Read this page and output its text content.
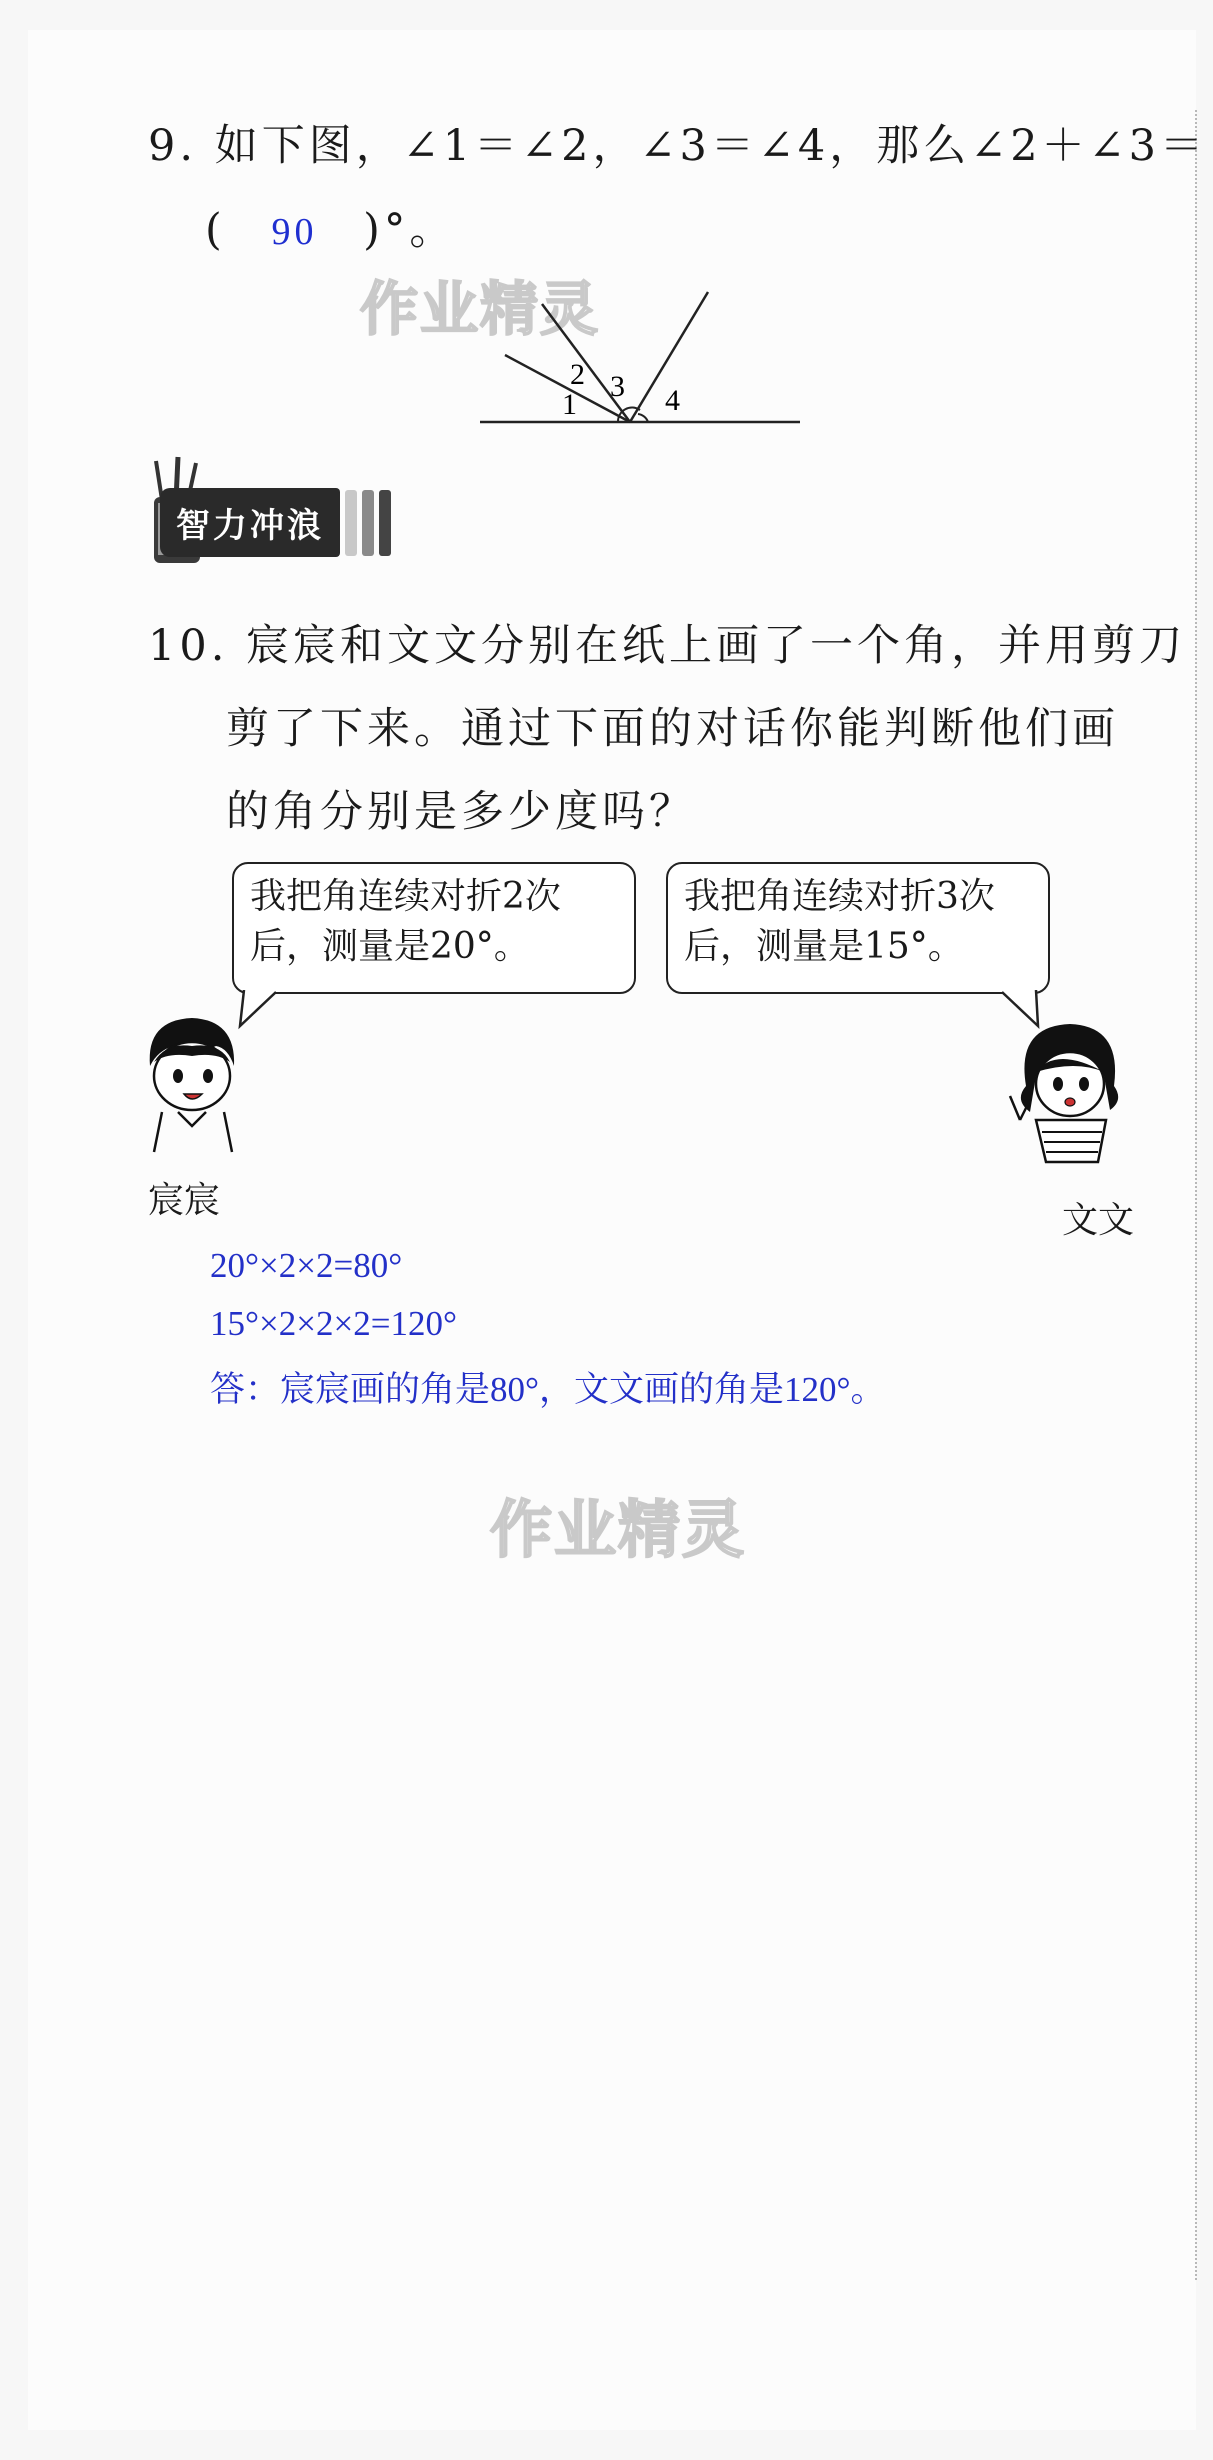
9. 如下图，∠1＝∠2，∠3＝∠4，那么∠2＋∠3＝
( 90 )°。
作业精灵
1
2 3 4
智力冲浪
10. 宸宸和文文分别在纸上画了一个角，并用剪刀
剪了下来。通过下面的对话你能判断他们画
的角分别是多少度吗？
我把角连续对折2次
后，测量是20°。
我把角连续对折3次
后，测量是15°。
宸宸	文文
20°×2×2=80°
15°×2×2×2=120°
答：宸宸画的角是80°，文文画的角是120°。
作业精灵
